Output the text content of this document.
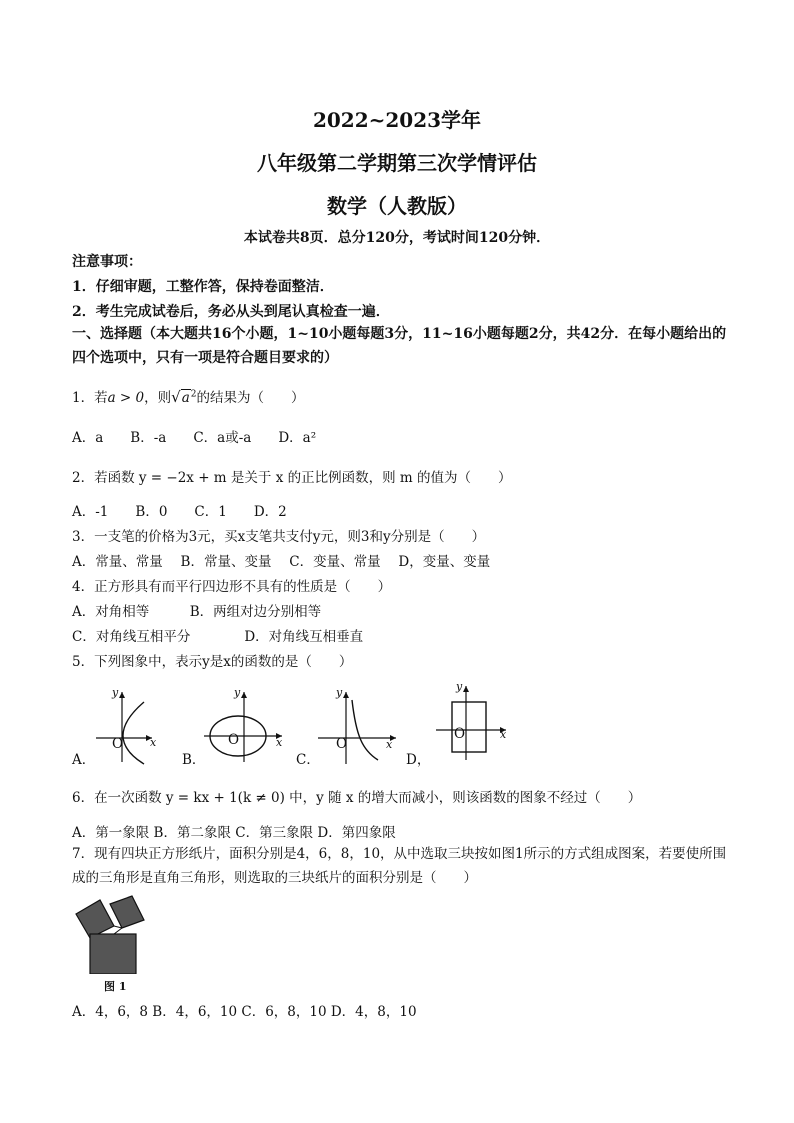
2022~2023学年
八年级第二学期第三次学情评估
数学（人教版）
本试卷共8页．总分120分，考试时间120分钟．
注意事项：
1．仔细审题，工整作答，保持卷面整洁．
2．考生完成试卷后，务必从头到尾认真检查一遍．
一、选择题（本大题共16个小题，1~10小题每题3分，11~16小题每题2分，共42分．在每小题给出的四个选项中，只有一项是符合题目要求的）
1．若a > 0，则$√a^2$的结果为（　　）
A．a　　B．-a　　C．a或-a　　D．a²
2．若函数 y = −2x + m 是关于 x 的正比例函数，则 m 的值为（　　）
A．-1　　B．0　　C．1　　D．2
3．一支笔的价格为3元，买x支笔共支付y元，则3和y分别是（　　）
A．常量、常量　 B．常量、变量　 C．变量、常量　 D，变量、变量
4．正方形具有而平行四边形不具有的性质是（　　）
A．对角相等　　　B．两组对边分别相等
C．对角线互相平分　　　　D．对角线互相垂直
5．下列图象中，表示y是x的函数的是（　　）
A．
O x
y
B．
O	x
y
C．
O	x
y
D，
O	x
y
6．在一次函数 y = kx + 1(k ≠ 0) 中，y 随 x 的增大而减小，则该函数的图象不经过（　　）
A．第一象限 B．第二象限 C．第三象限 D．第四象限
7．现有四块正方形纸片，面积分别是4，6，8，10，从中选取三块按如图1所示的方式组成图案，若要使所围成的三角形是直角三角形，则选取的三块纸片的面积分别是（　　）
图 1
A．4，6，8 B．4，6，10 C．6，8，10 D．4，8，10
